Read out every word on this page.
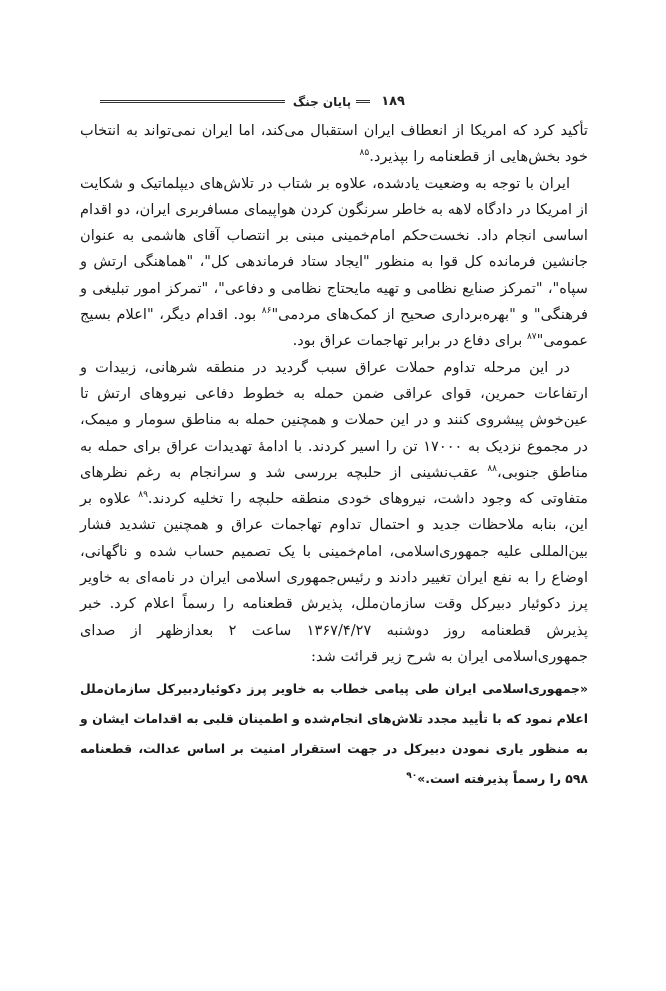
۱۸۹
پایان جنگ

تأکید کرد که امریکا از انعطاف ایران استقبال می‌کند، اما ایران نمی‌تواند به انتخاب خود بخش‌هایی از قطعنامه را بپذیرد.$^{۸۵}$

ایران با توجه به وضعیت یادشده، علاوه بر شتاب در تلاش‌های دیپلماتیک و شکایت از امریکا در دادگاه لاهه به خاطر سرنگون کردن هواپیمای مسافربری ایران، دو اقدام اساسی انجام داد. نخست‌حکم امام‌خمینی مبنی بر انتصاب آقای هاشمی به عنوان جانشین فرمانده کل قوا به منظور "ایجاد ستاد فرماندهی کل"، "هماهنگی ارتش و سپاه"، "تمرکز صنایع نظامی و تهیه مایحتاج نظامی و دفاعی"، "تمرکز امور تبلیغی و فرهنگی" و "بهره‌برداری صحیح از کمک‌های مردمی"$^{۸۶}$ بود. اقدام دیگر، "اعلام بسیج عمومی"$^{۸۷}$ برای دفاع در برابر تهاجمات عراق بود.

در این مرحله تداوم حملات عراق سبب گردید در منطقه شرهانی، زبیدات و ارتفاعات حمرین، قوای عراقی ضمن حمله به خطوط دفاعی نیروهای ارتش تا عین‌خوش پیشروی کنند و در این حملات و همچنین حمله به مناطق سومار و میمک، در مجموع نزدیک به ۱۷۰۰۰ تن را اسیر کردند. با ادامهٔ تهدیدات عراق برای حمله به مناطق جنوبی،$^{۸۸}$ عقب‌نشینی از حلبچه بررسی شد و سرانجام به رغم نظرهای متفاوتی که وجود داشت، نیروهای خودی منطقه حلبچه را تخلیه کردند.$^{۸۹}$ علاوه بر این، بنابه ملاحظات جدید و احتمال تداوم تهاجمات عراق و همچنین تشدید فشار بین‌المللی علیه جمهوری‌اسلامی، امام‌خمینی با یک تصمیم حساب شده و ناگهانی، اوضاع را به نفع ایران تغییر دادند و رئیس‌جمهوری اسلامی ایران در نامه‌ای به خاویر پرز دکوئیار دبیرکل وقت سازمان‌ملل، پذیرش قطعنامه را رسماً اعلام کرد. خبر پذیرش قطعنامه روز دوشنبه ۱۳۶۷/۴/۲۷ ساعت ۲ بعدازظهر از صدای جمهوری‌اسلامی ایران به شرح زیر قرائت شد:

«جمهوری‌اسلامی ایران طی پیامی خطاب به خاویر پرز دکوئیاردبیرکل سازمان‌ملل اعلام نمود که با تأیید مجدد تلاش‌های انجام‌شده و اطمینان قلبی به اقدامات ایشان و به منظور یاری نمودن دبیرکل در جهت استقرار امنیت بر اساس عدالت، قطعنامه ۵۹۸ را رسماً پذیرفته است.»$^{۹۰}$
